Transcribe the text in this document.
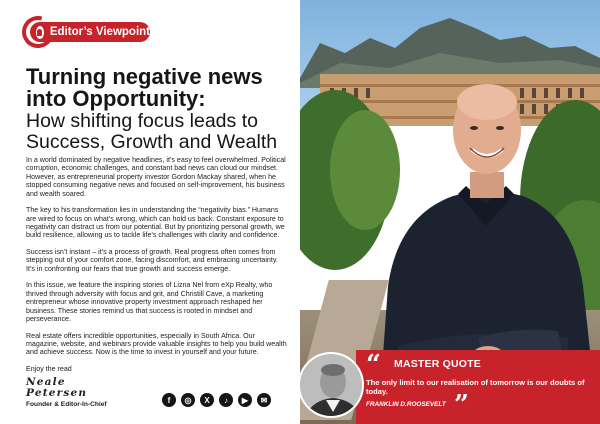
Editor’s Viewpoint
Turning negative news
into Opportunity:
How shifting focus leads to
Success, Growth and Wealth

In a world dominated by negative headlines, it’s easy to feel overwhelmed. Political corruption, economic challenges, and constant bad news can cloud our mindset. However, as entrepreneurial property investor Gordon Mackay shared, when he stopped consuming negative news and focused on self-improvement, his business and wealth soared.

The key to his transformation lies in understanding the “negativity bias.” Humans are wired to focus on what’s wrong, which can hold us back. Constant exposure to negativity can distract us from our potential. But by prioritizing personal growth, we build resilience, allowing us to tackle life’s challenges with clarity and confidence.

Success isn’t instant – it’s a process of growth. Real progress often comes from stepping out of your comfort zone, facing discomfort, and embracing uncertainty. It’s in confronting our fears that true growth and success emerge.

In this issue, we feature the inspiring stories of Lizna Nel from eXp Realty, who thrived through adversity with focus and grit, and Christill Cave, a marketing entrepreneur whose innovative property investment approach reshaped her business. These stories remind us that success is rooted in mindset and perseverance.

Real estate offers incredible opportunities, especially in South Africa. Our magazine, website, and webinars provide valuable insights to help you build wealth and achieve success. Now is the time to invest in yourself and your future.

Enjoy the read

Neale
Petersen
Founder & Editor-In-Chief	f	◎	X	♪	▶	✉
“ MASTER QUOTE
The only limit to our realisation of tomorrow is our doubts of today.
FRANKLIN D.ROOSEVELT ”
